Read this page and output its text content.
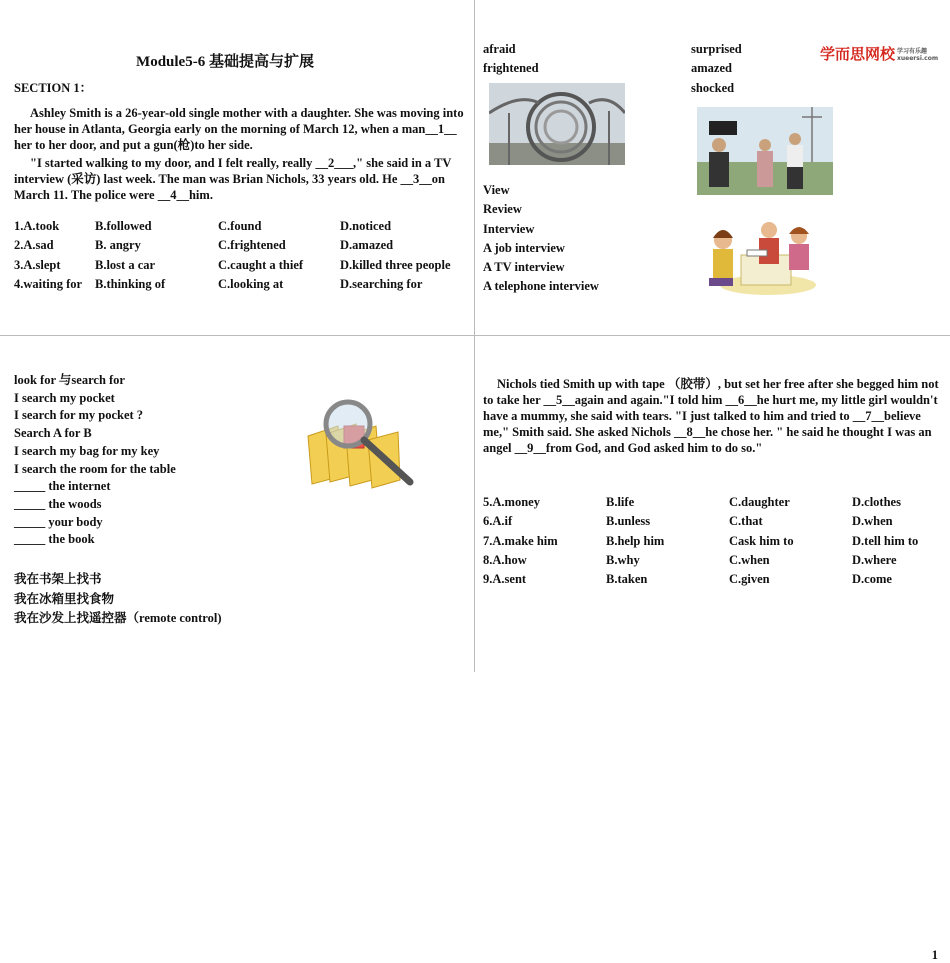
Module5-6 基础提高与扩展
SECTION 1：
Ashley Smith is a 26-year-old single mother with a daughter. She was moving into her house in Atlanta, Georgia early on the morning of March 12, when a man__1__ her to her door, and put a gun(枪)to her side.
"I started walking to my door, and I felt really, really __2___," she said in a TV interview (采访) last week. The man was Brian Nichols, 33 years old. He __3__on March 11. The police were __4__him.
1.A.took	B.followed	C.found	D.noticed
2.A.sad	B. angry	C.frightened	D.amazed
3.A.slept	B.lost a car	C.caught a thief	D.killed three people
4.waiting for	B.thinking of	C.looking at	D.searching for
afraid
frightened
surprised
amazed
shocked
View
Review
Interview
A job interview
A TV interview
A telephone interview
学而思网校 学习有乐趣
xueersi.com
look for 与search for
I search my pocket
I search for my pocket ?
Search A for B
I search my bag for my key
I search the room for the table
_____ the internet
_____ the woods
_____ your body
_____ the book
我在书架上找书
我在冰箱里找食物
我在沙发上找遥控器（remote control)
Nichols tied Smith up with tape （胶带）, but set her free after she begged him not to take her __5__again and again."I told him __6__he hurt me, my little girl wouldn't have a mummy, she said with tears. "I just talked to him and tried to __7__believe me," Smith said. She asked Nichols __8__he chose her. " he said he thought I was an angel __9__from God, and God asked him to do so."
5.A.money	B.life	C.daughter	D.clothes
6.A.if	B.unless	C.that	D.when
7.A.make him	B.help him	Cask him to	D.tell him to
8.A.how	B.why	C.when	D.where
9.A.sent	B.taken	C.given	D.come
1
